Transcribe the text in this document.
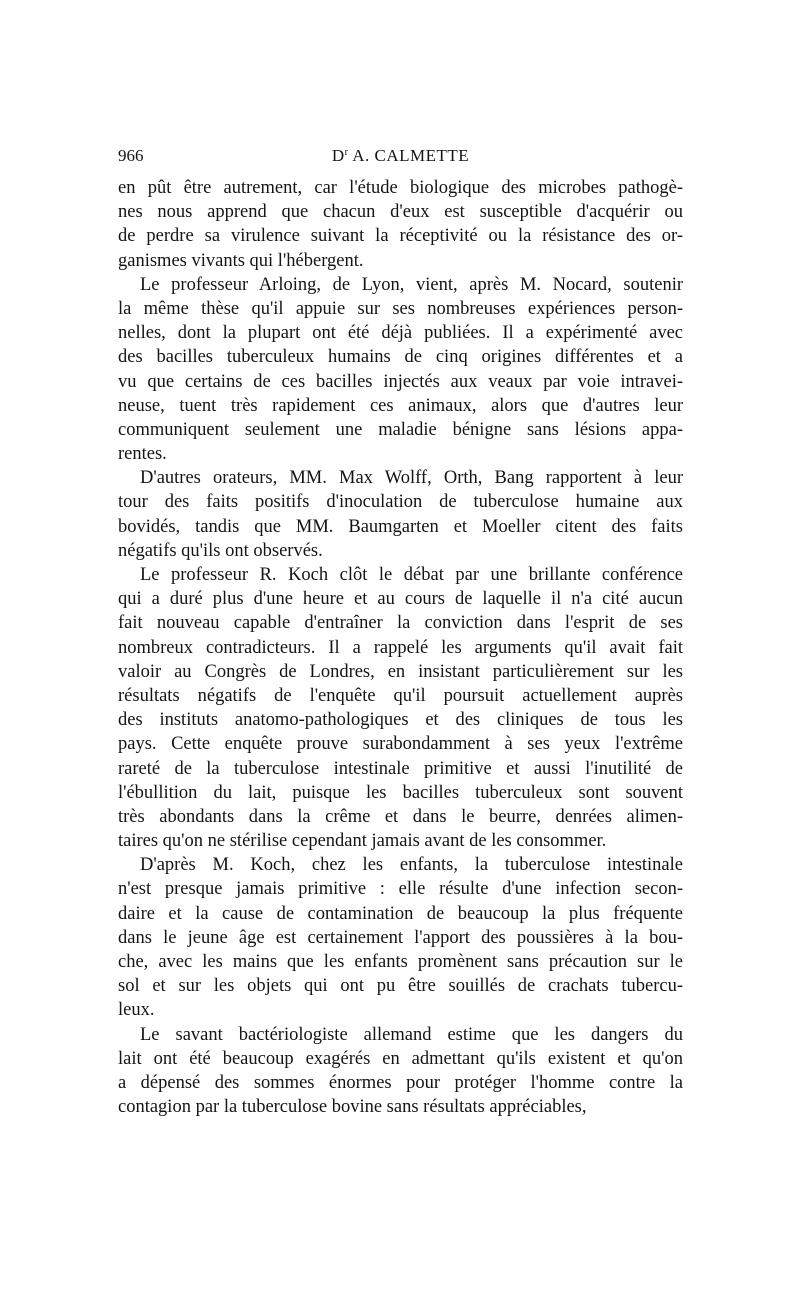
966	$D^r$ A. CALMETTE
en pût être autrement, car l'étude biologique des microbes pathogè-
nes nous apprend que chacun d'eux est susceptible d'acquérir ou
de perdre sa virulence suivant la réceptivité ou la résistance des or-
ganismes vivants qui l'hébergent.
Le professeur Arloing, de Lyon, vient, après M. Nocard, soutenir
la même thèse qu'il appuie sur ses nombreuses expériences person-
nelles, dont la plupart ont été déjà publiées. Il a expérimenté avec
des bacilles tuberculeux humains de cinq origines différentes et a
vu que certains de ces bacilles injectés aux veaux par voie intravei-
neuse, tuent très rapidement ces animaux, alors que d'autres leur
communiquent seulement une maladie bénigne sans lésions appa-
rentes.
D'autres orateurs, MM. Max Wolff, Orth, Bang rapportent à leur
tour des faits positifs d'inoculation de tuberculose humaine aux
bovidés, tandis que MM. Baumgarten et Moeller citent des faits
négatifs qu'ils ont observés.
Le professeur R. Koch clôt le débat par une brillante conférence
qui a duré plus d'une heure et au cours de laquelle il n'a cité aucun
fait nouveau capable d'entraîner la conviction dans l'esprit de ses
nombreux contradicteurs. Il a rappelé les arguments qu'il avait fait
valoir au Congrès de Londres, en insistant particulièrement sur les
résultats négatifs de l'enquête qu'il poursuit actuellement auprès
des instituts anatomo-pathologiques et des cliniques de tous les
pays. Cette enquête prouve surabondamment à ses yeux l'extrême
rareté de la tuberculose intestinale primitive et aussi l'inutilité de
l'ébullition du lait, puisque les bacilles tuberculeux sont souvent
très abondants dans la crême et dans le beurre, denrées alimen-
taires qu'on ne stérilise cependant jamais avant de les consommer.
D'après M. Koch, chez les enfants, la tuberculose intestinale
n'est presque jamais primitive : elle résulte d'une infection secon-
daire et la cause de contamination de beaucoup la plus fréquente
dans le jeune âge est certainement l'apport des poussières à la bou-
che, avec les mains que les enfants promènent sans précaution sur le
sol et sur les objets qui ont pu être souillés de crachats tubercu-
leux.
Le savant bactériologiste allemand estime que les dangers du
lait ont été beaucoup exagérés en admettant qu'ils existent et qu'on
a dépensé des sommes énormes pour protéger l'homme contre la
contagion par la tuberculose bovine sans résultats appréciables,
